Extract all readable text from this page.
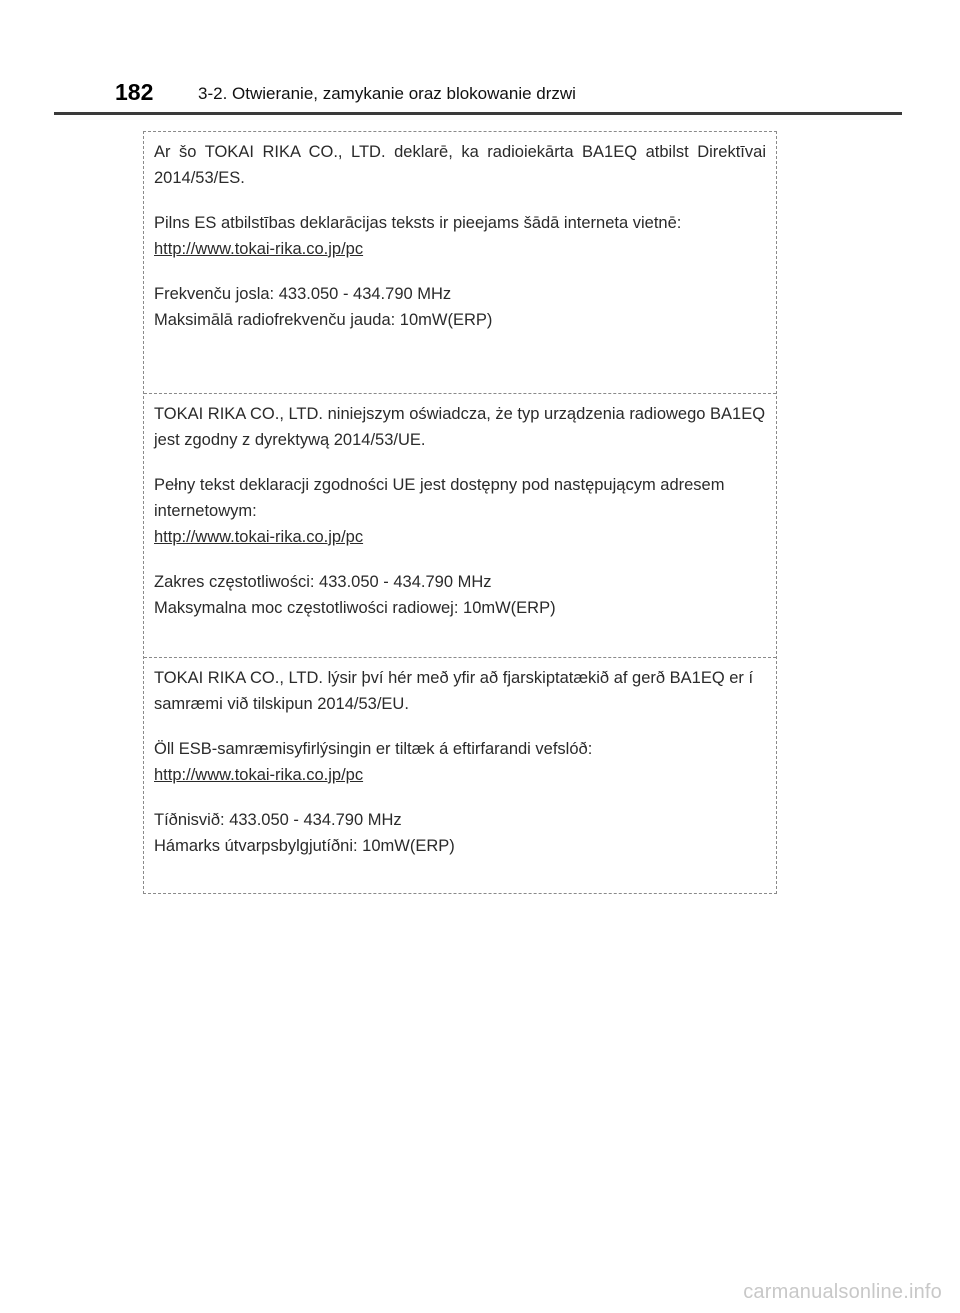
182	3-2. Otwieranie, zamykanie oraz blokowanie drzwi

Ar šo TOKAI RIKA CO., LTD. deklarē, ka radioiekārta BA1EQ atbilst Direktīvai 2014/53/ES.

Pilns ES atbilstības deklarācijas teksts ir pieejams šādā interneta vietnē:
http://www.tokai-rika.co.jp/pc

Frekvenču josla: 433.050 - 434.790 MHz
Maksimālā radiofrekvenču jauda: 10mW(ERP)

TOKAI RIKA CO., LTD. niniejszym oświadcza, że typ urządzenia radiowego BA1EQ jest zgodny z dyrektywą 2014/53/UE.

Pełny tekst deklaracji zgodności UE jest dostępny pod następującym adresem internetowym:
http://www.tokai-rika.co.jp/pc

Zakres częstotliwości: 433.050 - 434.790 MHz
Maksymalna moc częstotliwości radiowej: 10mW(ERP)

TOKAI RIKA CO., LTD. lýsir því hér með yfir að fjarskiptatækið af gerð BA1EQ er í samræmi við tilskipun 2014/53/EU.

Öll ESB-samræmisyfirlýsingin er tiltæk á eftirfarandi vefslóð:
http://www.tokai-rika.co.jp/pc

Tíðnisvið: 433.050 - 434.790 MHz
Hámarks útvarpsbylgjutíðni: 10mW(ERP)

carmanualsonline.info
